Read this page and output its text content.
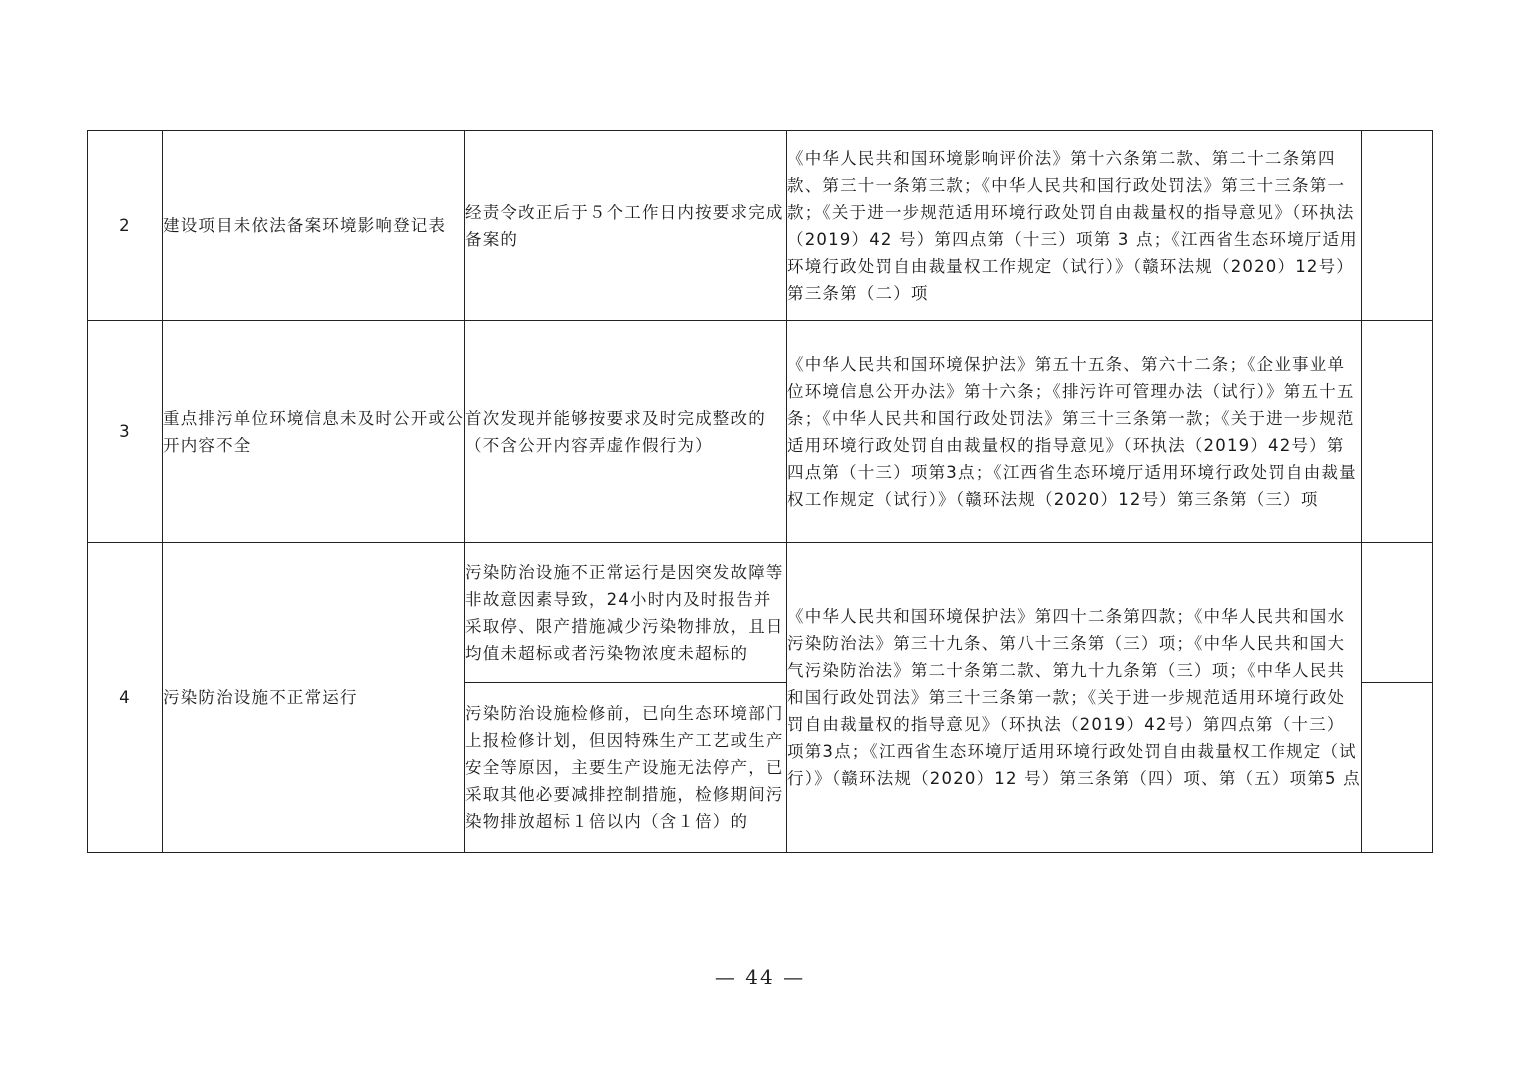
2	建设项目未依法备案环境影响登记表	经责令改正后于５个工作日内按要求完成备案的	《中华人民共和国环境影响评价法》第十六条第二款、第二十二条第四款、第三十一条第三款；《中华人民共和国行政处罚法》第三十三条第一款；《关于进一步规范适用环境行政处罚自由裁量权的指导意见》（环执法（2019）42 号）第四点第（十三）项第 3 点；《江西省生态环境厅适用环境行政处罚自由裁量权工作规定（试行）》（赣环法规（2020）12号）第三条第（二）项	

3	重点排污单位环境信息未及时公开或公开内容不全	首次发现并能够按要求及时完成整改的（不含公开内容弄虚作假行为）	《中华人民共和国环境保护法》第五十五条、第六十二条；《企业事业单位环境信息公开办法》第十六条；《排污许可管理办法（试行）》第五十五条；《中华人民共和国行政处罚法》第三十三条第一款；《关于进一步规范适用环境行政处罚自由裁量权的指导意见》（环执法（2019）42号）第四点第（十三）项第3点；《江西省生态环境厅适用环境行政处罚自由裁量权工作规定（试行）》（赣环法规（2020）12号）第三条第（三）项	

4	污染防治设施不正常运行	污染防治设施不正常运行是因突发故障等非故意因素导致，24小时内及时报告并采取停、限产措施减少污染物排放，且日均值未超标或者污染物浓度未超标的	《中华人民共和国环境保护法》第四十二条第四款；《中华人民共和国水污染防治法》第三十九条、第八十三条第（三）项；《中华人民共和国大气污染防治法》第二十条第二款、第九十九条第（三）项；《中华人民共和国行政处罚法》第三十三条第一款；《关于进一步规范适用环境行政处罚自由裁量权的指导意见》（环执法（2019）42号）第四点第（十三）项第3点；《江西省生态环境厅适用环境行政处罚自由裁量权工作规定（试行）》（赣环法规（2020）12 号）第三条第（四）项、第（五）项第5 点	

		污染防治设施检修前，已向生态环境部门上报检修计划，但因特殊生产工艺或生产安全等原因，主要生产设施无法停产，已采取其他必要减排控制措施，检修期间污染物排放超标１倍以内（含１倍）的		

— 44 —
